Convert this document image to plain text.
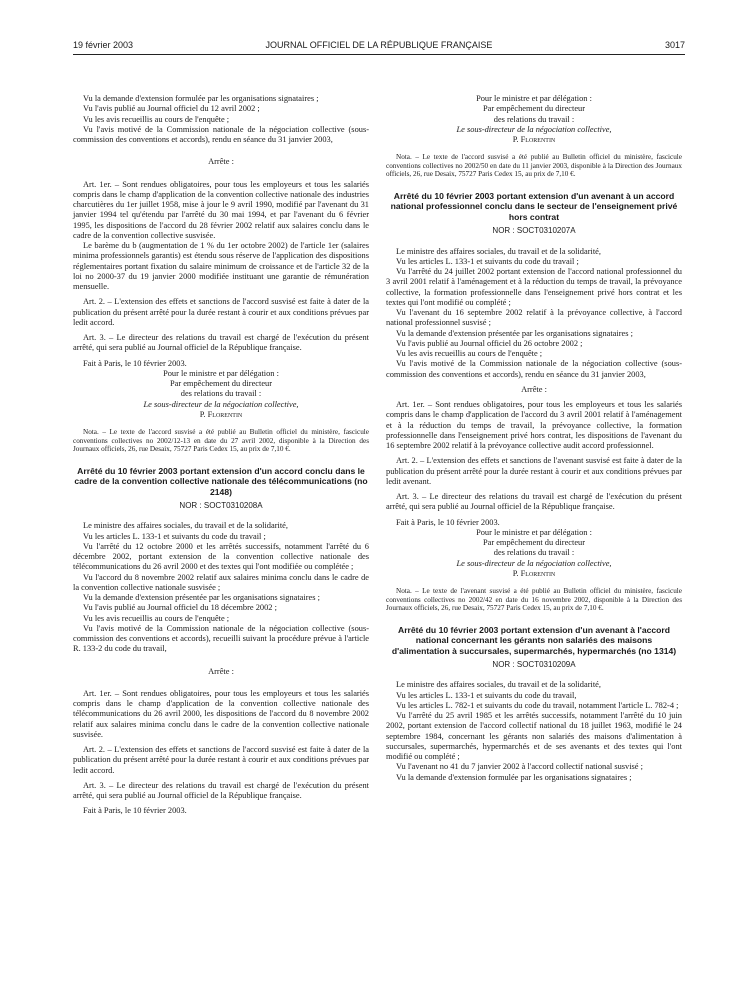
19 février 2003	JOURNAL OFFICIEL DE LA RÉPUBLIQUE FRANÇAISE	3017

Vu la demande d'extension formulée par les organisations signataires ;

Vu l'avis publié au Journal officiel du 12 avril 2002 ;

Vu les avis recueillis au cours de l'enquête ;

Vu l'avis motivé de la Commission nationale de la négociation collective (sous-commission des conventions et accords), rendu en séance du 31 janvier 2003,

Arrête :

Art. 1er. – Sont rendues obligatoires, pour tous les employeurs et tous les salariés compris dans le champ d'application de la convention collective nationale des industries charcutières du 1er juillet 1958, mise à jour le 9 avril 1990, modifié par l'avenant du 31 janvier 1994 tel qu'étendu par l'arrêté du 30 mai 1994, et par l'avenant du 6 février 1995, les dispositions de l'accord du 28 février 2002 relatif aux salaires conclu dans le cadre de la convention collective susvisée.

Le barème du b (augmentation de 1 % du 1er octobre 2002) de l'article 1er (salaires minima professionnels garantis) est étendu sous réserve de l'application des dispositions réglementaires portant fixation du salaire minimum de croissance et de l'article 32 de la loi no 2000-37 du 19 janvier 2000 modifiée instituant une garantie de rémunération mensuelle.

Art. 2. – L'extension des effets et sanctions de l'accord susvisé est faite à dater de la publication du présent arrêté pour la durée restant à courir et aux conditions prévues par ledit accord.

Art. 3. – Le directeur des relations du travail est chargé de l'exécution du présent arrêté, qui sera publié au Journal officiel de la République française.

Fait à Paris, le 10 février 2003.

Pour le ministre et par délégation :

Par empêchement du directeur

des relations du travail :

Le sous-directeur de la négociation collective,

P. Florentin

Nota. – Le texte de l'accord susvisé a été publié au Bulletin officiel du ministère, fascicule conventions collectives no 2002/12-13 en date du 27 avril 2002, disponible à la Direction des Journaux officiels, 26, rue Desaix, 75727 Paris Cedex 15, au prix de 7,10 €.

Arrêté du 10 février 2003 portant extension d'un accord conclu dans le cadre de la convention collective nationale des télécommunications (no 2148)
NOR : SOCT0310208A

Le ministre des affaires sociales, du travail et de la solidarité,

Vu les articles L. 133-1 et suivants du code du travail ;

Vu l'arrêté du 12 octobre 2000 et les arrêtés successifs, notamment l'arrêté du 6 décembre 2002, portant extension de la convention collective nationale des télécommunications du 26 avril 2000 et des textes qui l'ont modifiée ou complétée ;

Vu l'accord du 8 novembre 2002 relatif aux salaires minima conclu dans le cadre de la convention collective nationale susvisée ;

Vu la demande d'extension présentée par les organisations signataires ;

Vu l'avis publié au Journal officiel du 18 décembre 2002 ;

Vu les avis recueillis au cours de l'enquête ;

Vu l'avis motivé de la Commission nationale de la négociation collective (sous-commission des conventions et accords), recueilli suivant la procédure prévue à l'article R. 133-2 du code du travail,

Arrête :

Art. 1er. – Sont rendues obligatoires, pour tous les employeurs et tous les salariés compris dans le champ d'application de la convention collective nationale des télécommunications du 26 avril 2000, les dispositions de l'accord du 8 novembre 2002 relatif aux salaires minima conclu dans le cadre de la convention collective nationale susvisée.

Art. 2. – L'extension des effets et sanctions de l'accord susvisé est faite à dater de la publication du présent arrêté pour la durée restant à courir et aux conditions prévues par ledit accord.

Art. 3. – Le directeur des relations du travail est chargé de l'exécution du présent arrêté, qui sera publié au Journal officiel de la République française.

Fait à Paris, le 10 février 2003.

Pour le ministre et par délégation :

Par empêchement du directeur

des relations du travail :

Le sous-directeur de la négociation collective,

P. Florentin

Nota. – Le texte de l'accord susvisé a été publié au Bulletin officiel du ministère, fascicule conventions collectives no 2002/50 en date du 11 janvier 2003, disponible à la Direction des Journaux officiels, 26, rue Desaix, 75727 Paris Cedex 15, au prix de 7,10 €.

Arrêté du 10 février 2003 portant extension d'un avenant à un accord national professionnel conclu dans le secteur de l'enseignement privé hors contrat
NOR : SOCT0310207A

Le ministre des affaires sociales, du travail et de la solidarité,

Vu les articles L. 133-1 et suivants du code du travail ;

Vu l'arrêté du 24 juillet 2002 portant extension de l'accord national professionnel du 3 avril 2001 relatif à l'aménagement et à la réduction du temps de travail, la prévoyance collective, la formation professionnelle dans l'enseignement privé hors contrat et les textes qui l'ont modifié ou complété ;

Vu l'avenant du 16 septembre 2002 relatif à la prévoyance collective, à l'accord national professionnel susvisé ;

Vu la demande d'extension présentée par les organisations signataires ;

Vu l'avis publié au Journal officiel du 26 octobre 2002 ;

Vu les avis recueillis au cours de l'enquête ;

Vu l'avis motivé de la Commission nationale de la négociation collective (sous-commission des conventions et accords), rendu en séance du 31 janvier 2003,

Arrête :

Art. 1er. – Sont rendues obligatoires, pour tous les employeurs et tous les salariés compris dans le champ d'application de l'accord du 3 avril 2001 relatif à l'aménagement et à la réduction du temps de travail, la prévoyance collective, la formation professionnelle dans l'enseignement privé hors contrat, les dispositions de l'avenant du 16 septembre 2002 relatif à la prévoyance collective audit accord professionnel.

Art. 2. – L'extension des effets et sanctions de l'avenant susvisé est faite à dater de la publication du présent arrêté pour la durée restant à courir et aux conditions prévues par ledit avenant.

Art. 3. – Le directeur des relations du travail est chargé de l'exécution du présent arrêté, qui sera publié au Journal officiel de la République française.

Fait à Paris, le 10 février 2003.

Pour le ministre et par délégation :

Par empêchement du directeur

des relations du travail :

Le sous-directeur de la négociation collective,

P. Florentin

Nota. – Le texte de l'avenant susvisé a été publié au Bulletin officiel du ministère, fascicule conventions collectives no 2002/42 en date du 16 novembre 2002, disponible à la Direction des Journaux officiels, 26, rue Desaix, 75727 Paris Cedex 15, au prix de 7,10 €.

Arrêté du 10 février 2003 portant extension d'un avenant à l'accord national concernant les gérants non salariés des maisons d'alimentation à succursales, supermarchés, hypermarchés (no 1314)
NOR : SOCT0310209A

Le ministre des affaires sociales, du travail et de la solidarité,

Vu les articles L. 133-1 et suivants du code du travail,

Vu les articles L. 782-1 et suivants du code du travail, notamment l'article L. 782-4 ;

Vu l'arrêté du 25 avril 1985 et les arrêtés successifs, notamment l'arrêté du 10 juin 2002, portant extension de l'accord collectif national du 18 juillet 1963, modifié le 24 septembre 1984, concernant les gérants non salariés des maisons d'alimentation à succursales, supermarchés, hypermarchés et de ses avenants et des textes qui l'ont modifié ou complété ;

Vu l'avenant no 41 du 7 janvier 2002 à l'accord collectif national susvisé ;

Vu la demande d'extension formulée par les organisations signataires ;
